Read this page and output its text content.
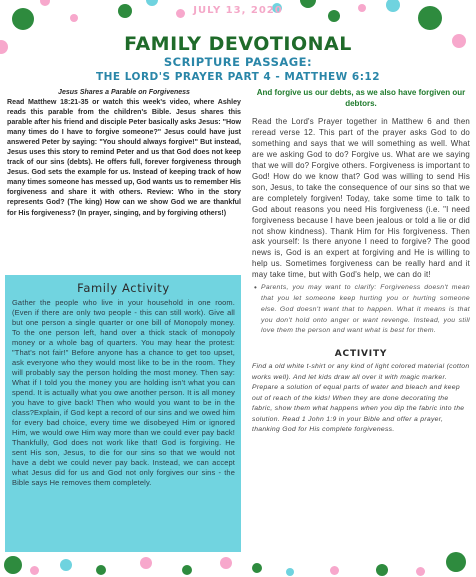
JULY 13, 2020
FAMILY DEVOTIONAL
SCRIPTURE PASSAGE:
THE LORD'S PRAYER PART 4 - MATTHEW 6:12
Jesus Shares a Parable on Forgiveness
Read Matthew 18:21-35 or watch this week's video, where Ashley reads this parable from the children's Bible. Jesus shares this parable after his friend and disciple Peter basically asks Jesus: "How many times do I have to forgive someone?" Jesus could have just answered Peter by saying: "You should always forgive!" But instead, Jesus uses this story to remind Peter and us that God does not keep track of our sins (debts). He offers full, forever forgiveness through Jesus. God sets the example for us. Instead of keeping track of how many times someone has messed up, God wants us to remember His forgiveness and share it with others. Review: Who in the story represents God? (The king) How can we show God we are thankful for His forgiveness? (In prayer, singing, and by forgiving others!)
Family Activity

Gather the people who live in your household in one room. (Even if there are only two people - this can still work). Give all but one person a single quarter or one bill of Monopoly money. To the one person left, hand over a thick stack of monopoly money or a whole bag of quarters. You may hear the protest: "That's not fair!" Before anyone has a chance to get too upset, ask everyone who they would most like to be in the room. They will probably say the person holding the most money. Then say: What if I told you the money you are holding isn't what you can spend. It is actually what you owe another person. It is all money you have to give back! Then who would you want to be in the class?Explain, if God kept a record of our sins and we owed him for every bad choice, every time we disobeyed Him or ignored Him, we would owe Him way more than we could ever pay back! Thankfully, God does not work like that! God is forgiving. He sent His son, Jesus, to die for our sins so that we would not have a debt we could never pay back. Instead, we can accept what Jesus did for us and God not only forgives our sins - the Bible says He removes them completely.

And forgive us our debts, as we also have forgiven our debtors.
Read the Lord's Prayer together in Matthew 6 and then reread verse 12. This part of the prayer asks God to do something and says that we will something as well. What are we asking God to do? Forgive us. What are we saying that we will do? Forgive others. Forgiveness is important to God! How do we know that? God was willing to send His son, Jesus, to take the consequence of our sins so that we are completely forgiven! Today, take some time to talk to God about reasons you need His forgiveness (i.e. "I need forgiveness because I have been jealous or told a lie or did not show kindness). Thank Him for His forgiveness. Then ask yourself: Is there anyone I need to forgive? The good news is, God is an expert at forgiving and He is willing to help us. Sometimes forgiveness can be really hard and it may take time, but with God's help, we can do it!
• Parents, you may want to clarify: Forgiveness doesn't mean that you let someone keep hurting you or hurting someone else. God doesn't want that to happen. What it means is that you don't hold onto anger or want revenge. Instead, you still love them the person and want what is best for them.
ACTIVITY
Find a old white t-shirt or any kind of light colored material (cotton works well). And let kids draw all over it with magic marker. Prepare a solution of equal parts of water and bleach and keep out of reach of the kids! When they are done decorating the fabric, show them what happens when you dip the fabric into the solution. Read 1 John 1:9 in your Bible and offer a prayer, thanking God for His complete forgiveness.
